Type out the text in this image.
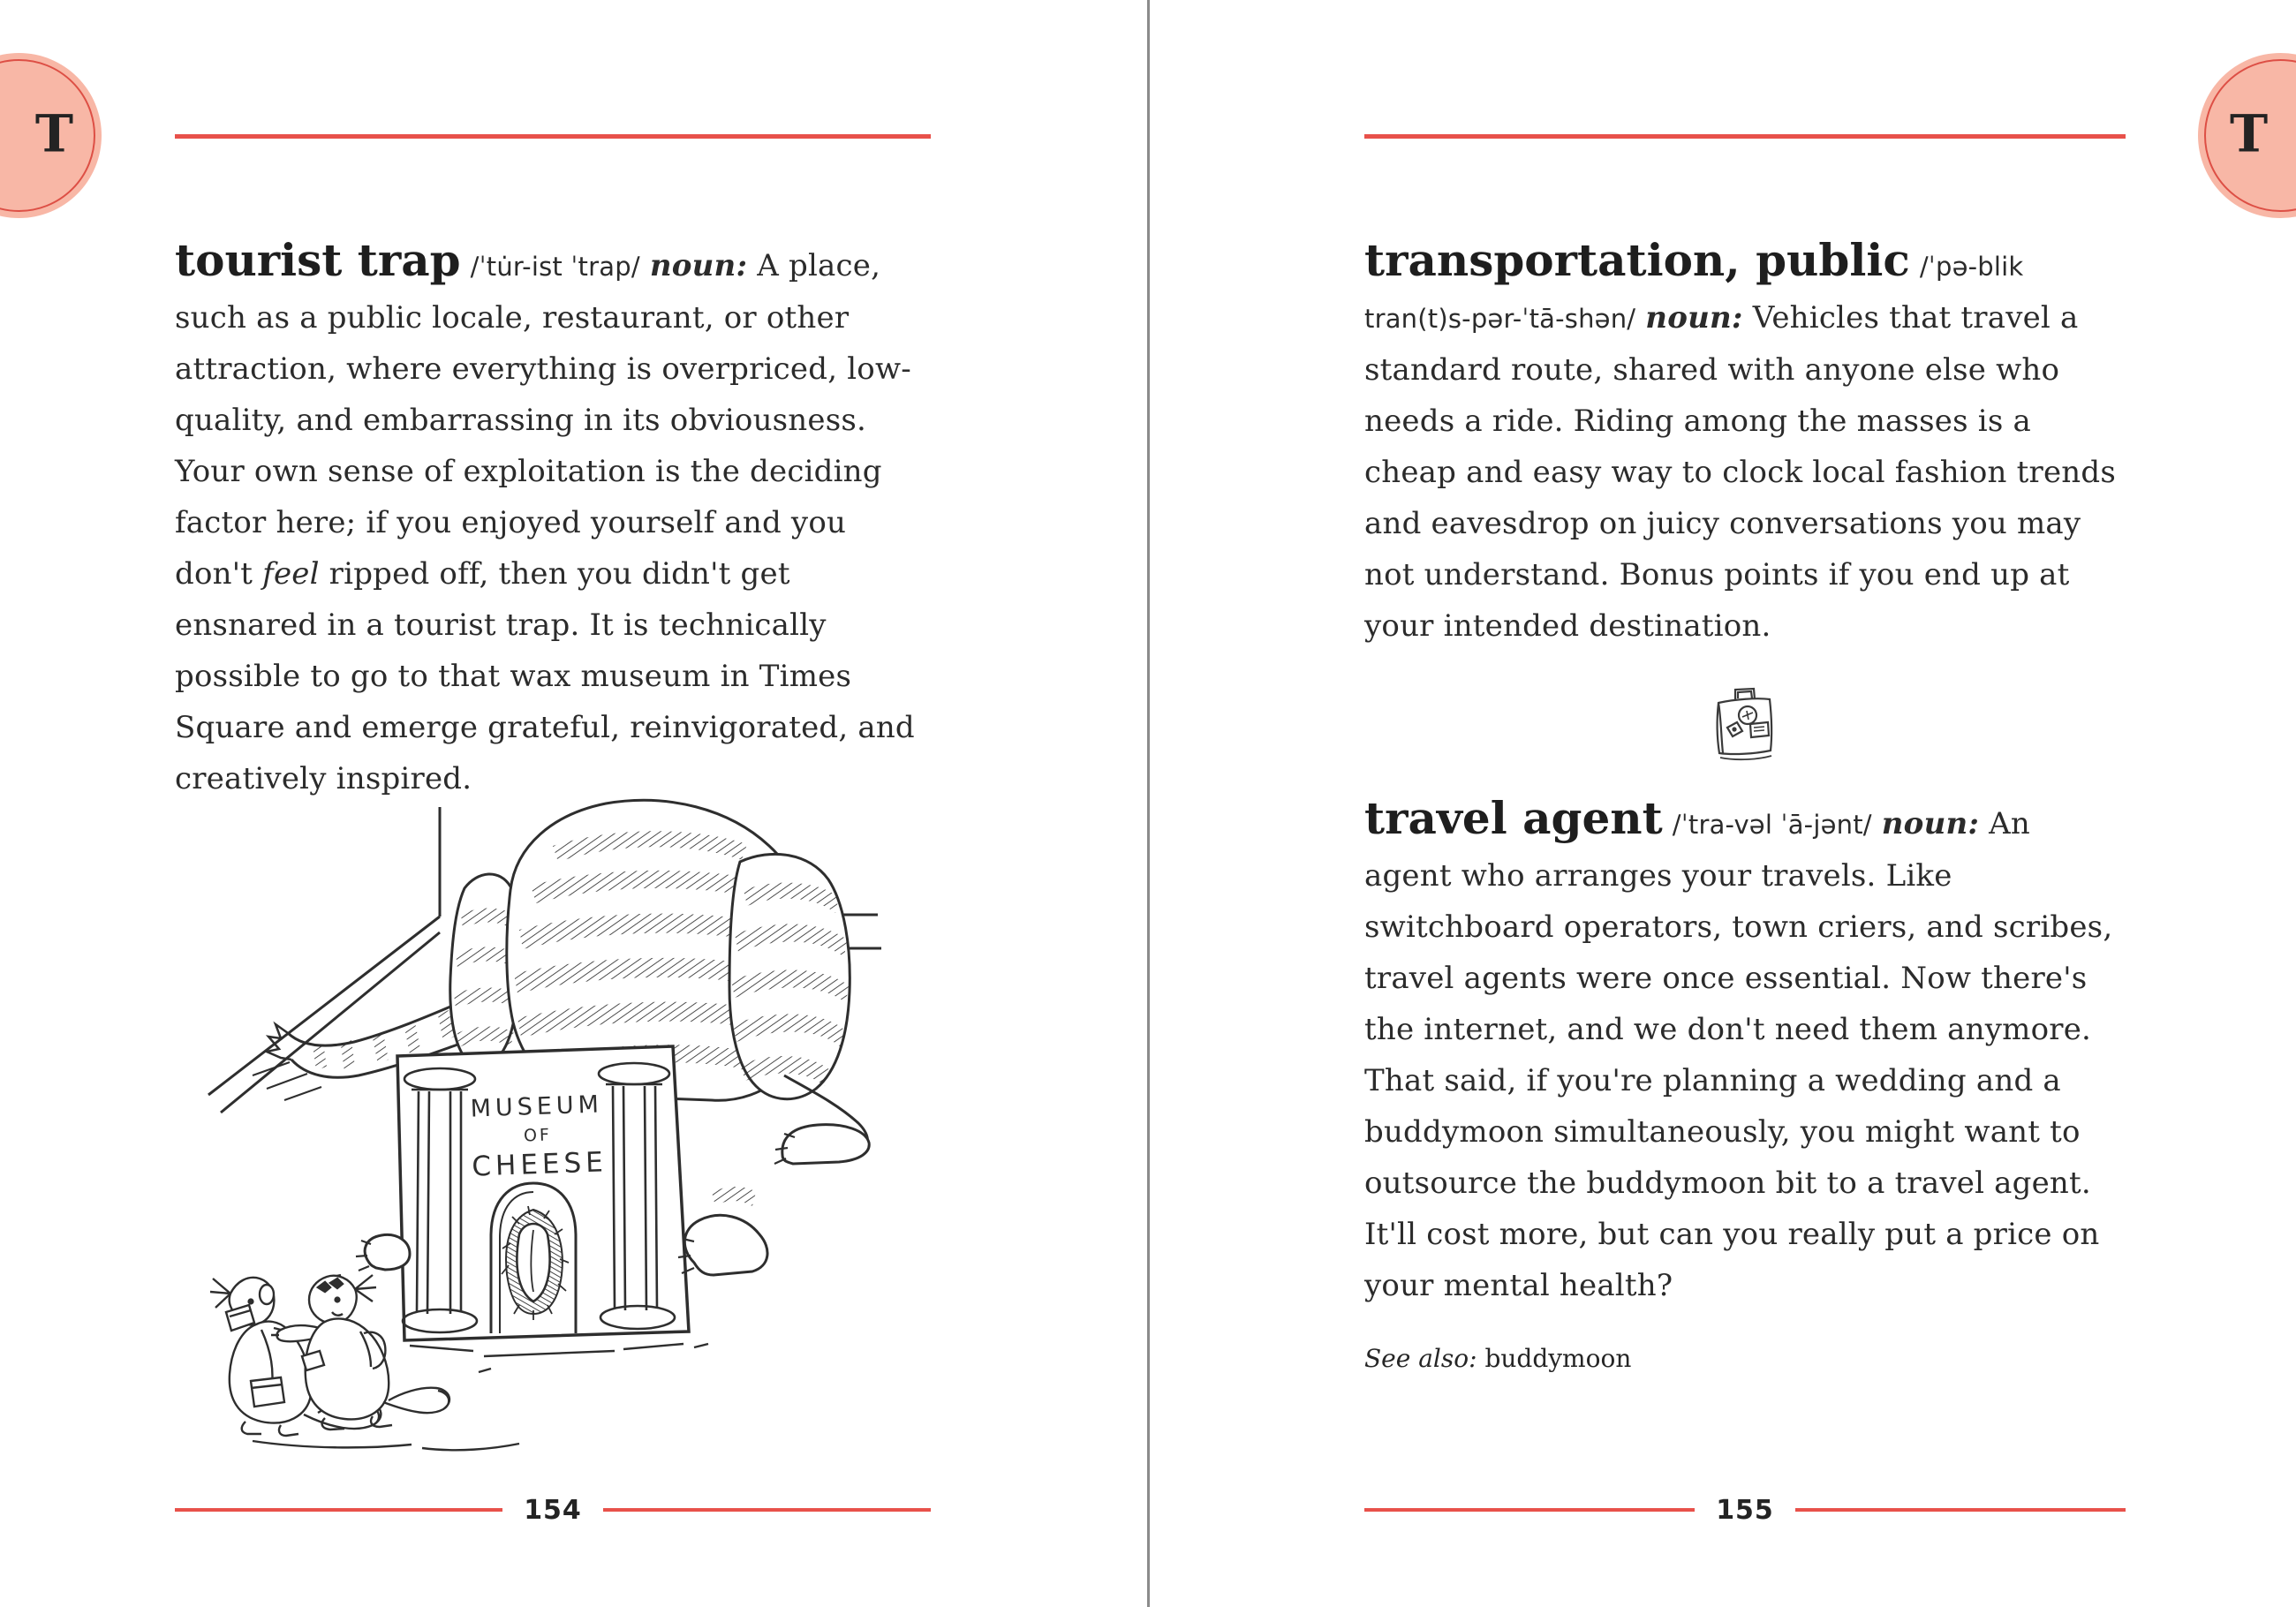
T	T

tourist trap /ˈtu̇r-ist ˈtrap/ noun: A place, such as a public locale, restaurant, or other attraction, where everything is overpriced, low-quality, and embarrassing in its obviousness. Your own sense of exploitation is the deciding factor here; if you enjoyed yourself and you don't feel ripped off, then you didn't get ensnared in a tourist trap. It is technically possible to go to that wax museum in Times Square and emerge grateful, reinvigorated, and creatively inspired.

MUSEUM
OF
CHEESE
154

transportation, public /ˈpə-blik tran(t)s-pər-ˈtā-shən/ noun: Vehicles that travel a standard route, shared with anyone else who needs a ride. Riding among the masses is a cheap and easy way to clock local fashion trends and eavesdrop on juicy conversations you may not understand. Bonus points if you end up at your intended destination.

travel agent /ˈtra-vəl ˈā-jənt/ noun: An agent who arranges your travels. Like switchboard operators, town criers, and scribes, travel agents were once essential. Now there's the internet, and we don't need them anymore. That said, if you're planning a wedding and a buddymoon simultaneously, you might want to outsource the buddymoon bit to a travel agent. It'll cost more, but can you really put a price on your mental health?

See also: buddymoon

155
